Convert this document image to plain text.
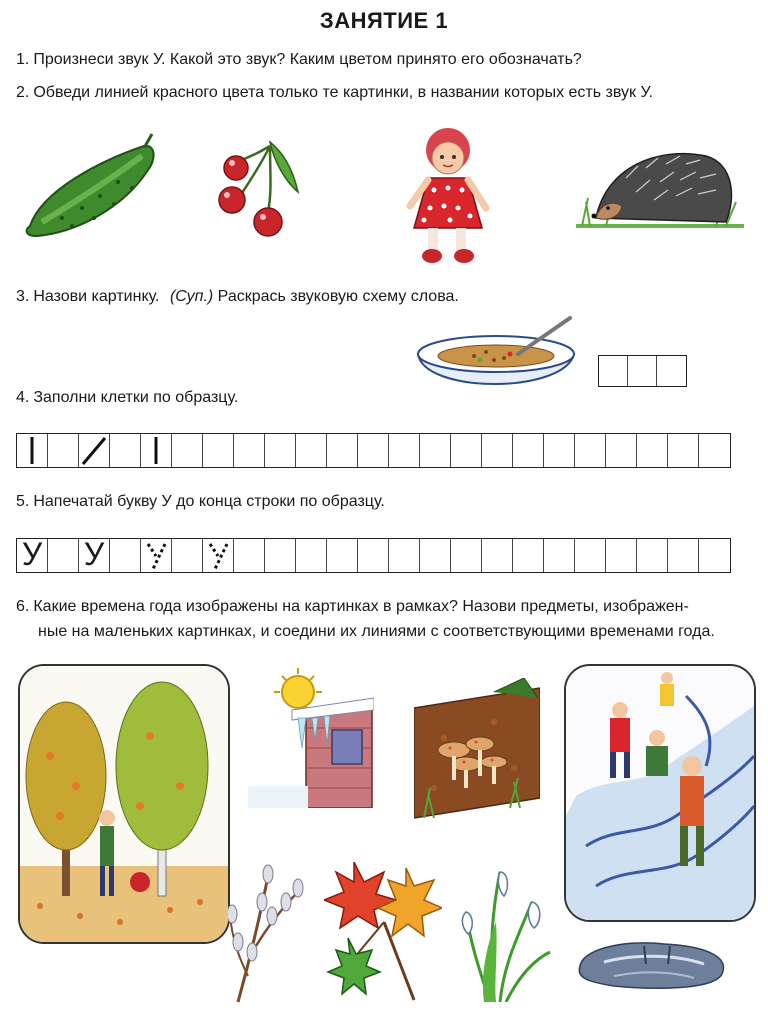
ЗАНЯТИЕ 1
1. Произнеси звук У. Какой это звук? Каким цветом принято его обозначать?
2. Обведи линией красного цвета только те картинки, в названии которых есть звук У.
3. Назови картинку. (Суп.) Раскрась звуковую схему слова.
4. Заполни клетки по образцу.
5. Напечатай букву У до конца строки по образцу.
У У
6. Какие времена года изображены на картинках в рамках? Назови предметы, изображен-
ные на маленьких картинках, и соедини их линиями с соответствующими временами года.
